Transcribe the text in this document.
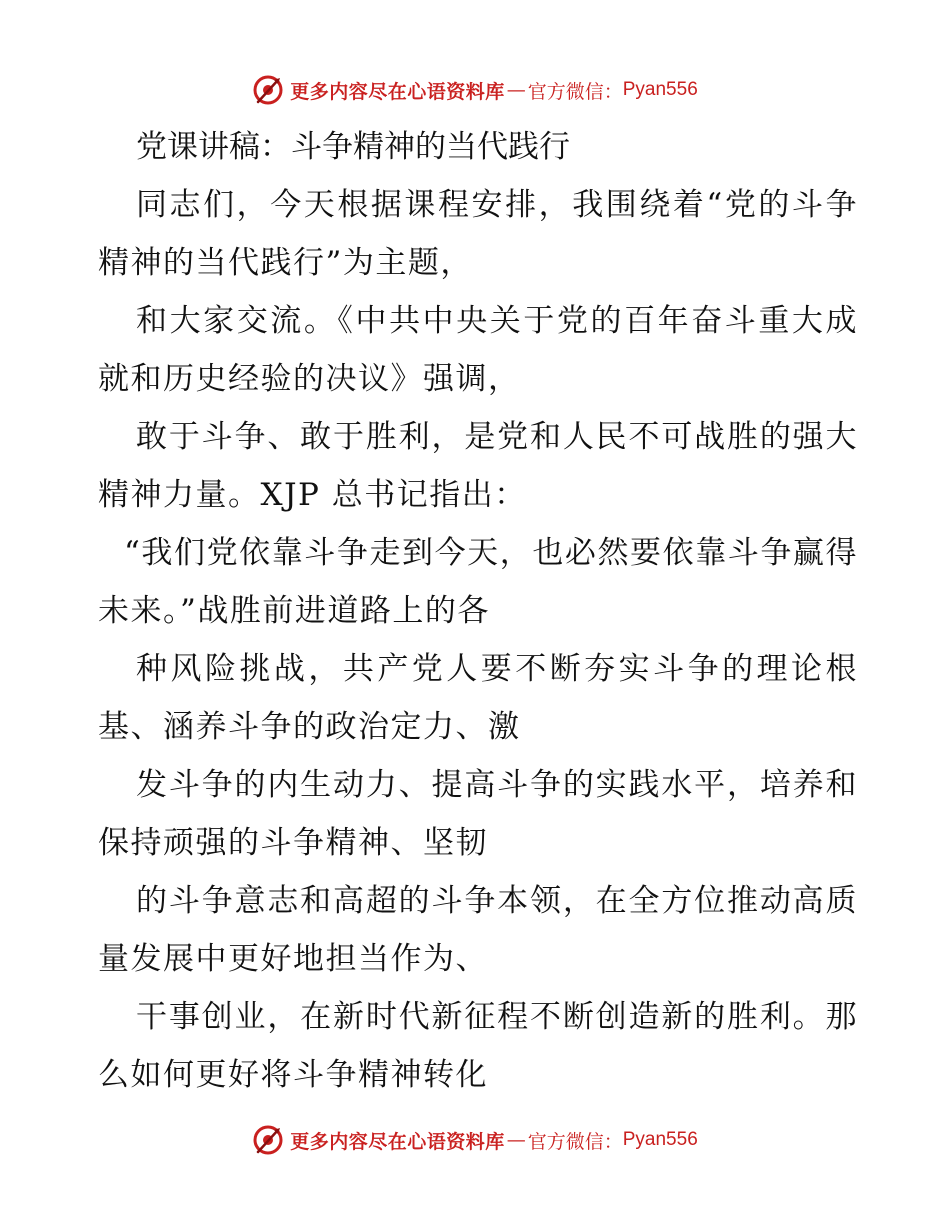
更多内容尽在心语资料库 — 官方微信： Pyan556
党课讲稿：斗争精神的当代践行

同志们，今天根据课程安排，我围绕着“党的斗争精神的当代践行”为主题，

和大家交流。《中共中央关于党的百年奋斗重大成就和历史经验的决议》强调，

敢于斗争、敢于胜利，是党和人民不可战胜的强大精神力量。XJP 总书记指出：

“我们党依靠斗争走到今天，也必然要依靠斗争赢得未来。”战胜前进道路上的各

种风险挑战，共产党人要不断夯实斗争的理论根基、涵养斗争的政治定力、激

发斗争的内生动力、提高斗争的实践水平，培养和保持顽强的斗争精神、坚韧

的斗争意志和高超的斗争本领，在全方位推动高质量发展中更好地担当作为、

干事创业，在新时代新征程不断创造新的胜利。那么如何更好将斗争精神转化

更多内容尽在心语资料库 — 官方微信： Pyan556
